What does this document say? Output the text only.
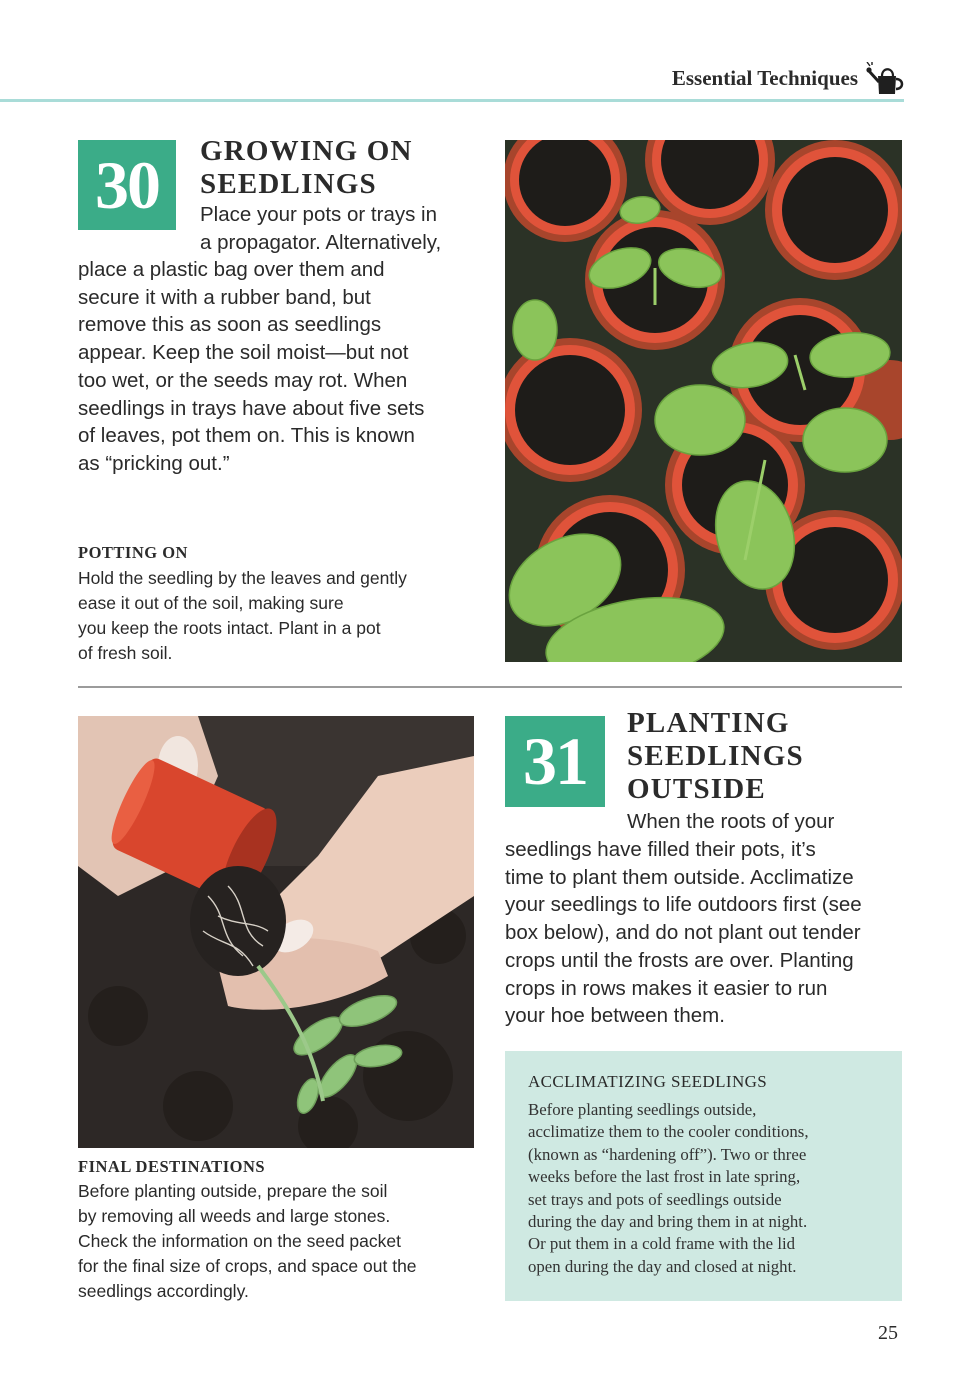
Essential Techniques
30	GROWING ON
SEEDLINGS
Place your pots or trays in
a propagator. Alternatively,
place a plastic bag over them and
secure it with a rubber band, but
remove this as soon as seedlings
appear. Keep the soil moist—but not
too wet, or the seeds may rot. When
seedlings in trays have about five sets
of leaves, pot them on. This is known
as “pricking out.”
POTTING ON
Hold the seedling by the leaves and gently
ease it out of the soil, making sure
you keep the roots intact. Plant in a pot
of fresh soil.
FINAL DESTINATIONS
Before planting outside, prepare the soil
by removing all weeds and large stones.
Check the information on the seed packet
for the final size of crops, and space out the
seedlings accordingly.
31	PLANTING
SEEDLINGS
OUTSIDE
When the roots of your
seedlings have filled their pots, it’s
time to plant them outside. Acclimatize
your seedlings to life outdoors first (see
box below), and do not plant out tender
crops until the frosts are over. Planting
crops in rows makes it easier to run
your hoe between them.
ACCLIMATIZING SEEDLINGS
Before planting seedlings outside,
acclimatize them to the cooler conditions,
(known as “hardening off”). Two or three
weeks before the last frost in late spring,
set trays and pots of seedlings outside
during the day and bring them in at night.
Or put them in a cold frame with the lid
open during the day and closed at night.
25
